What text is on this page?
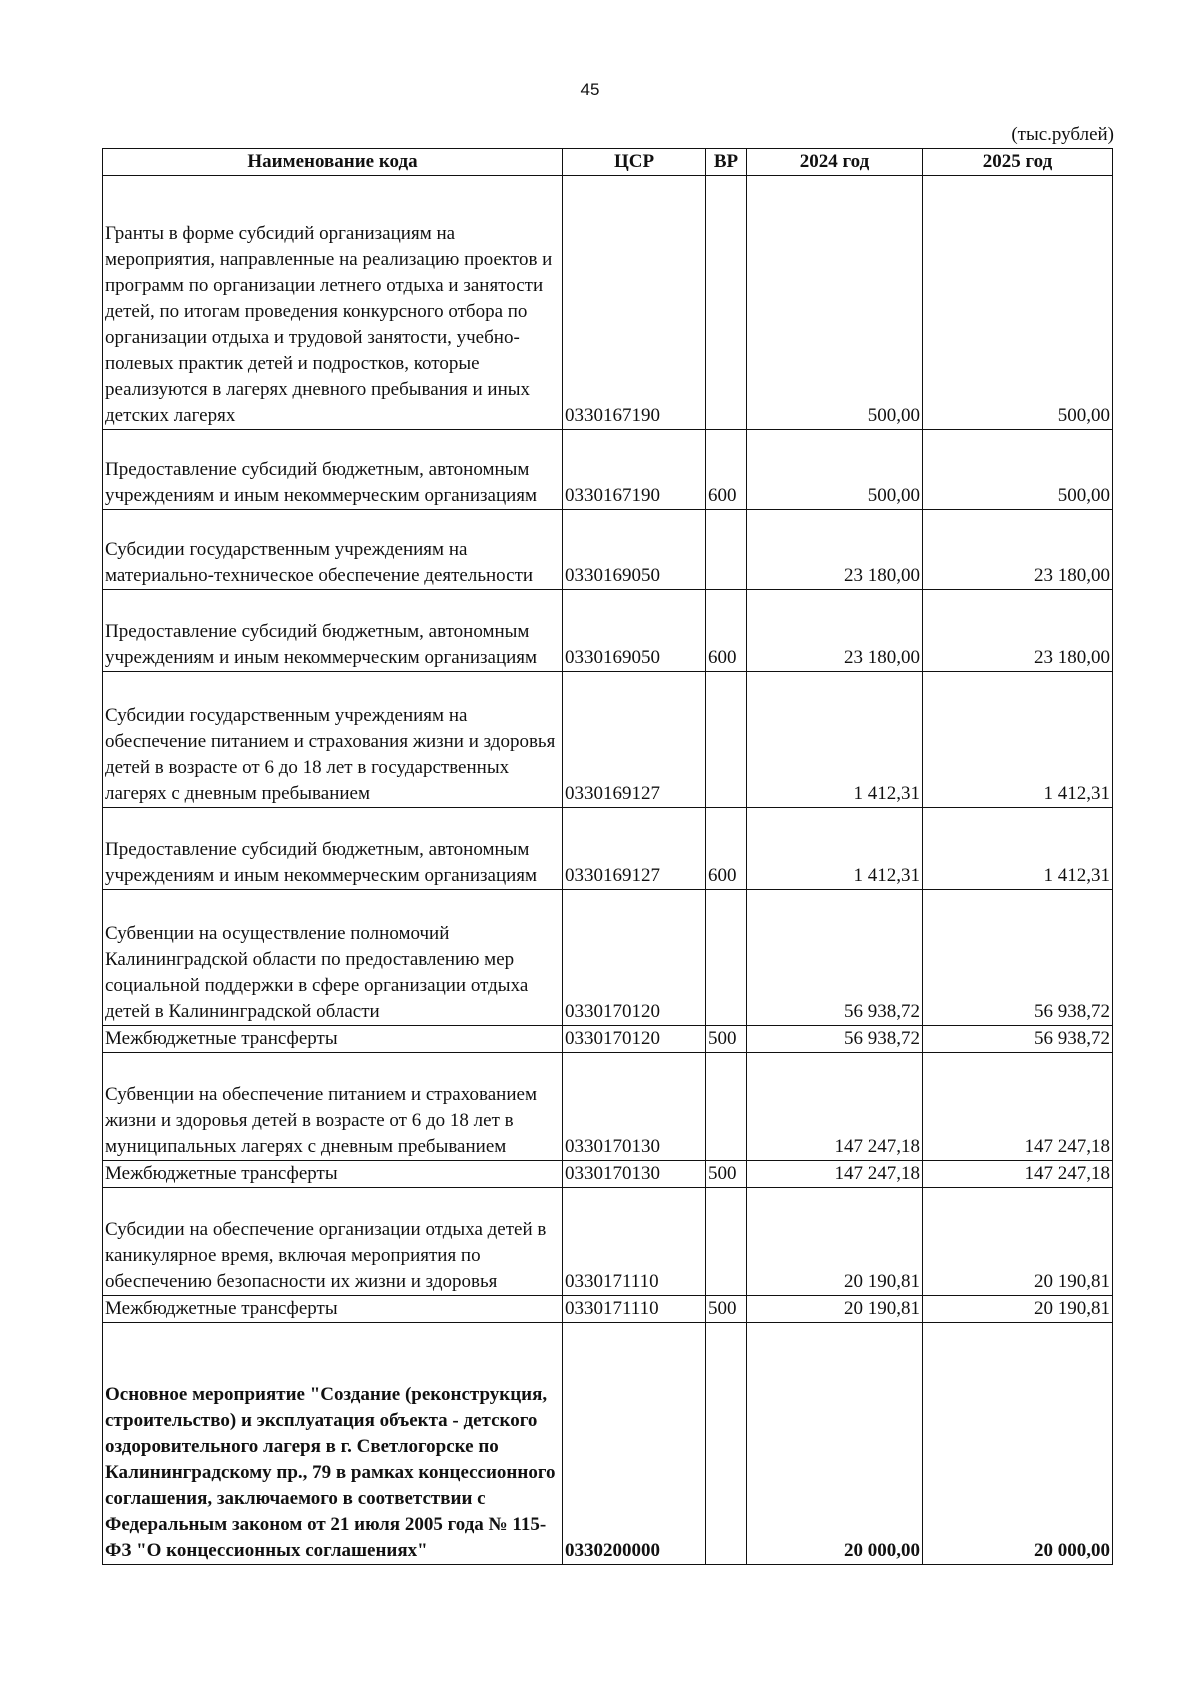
45
(тыс.рублей)
Наименование кода	ЦСР	ВР	2024 год	2025 год
Гранты в форме субсидий организациям на мероприятия, направленные на реализацию проектов и программ по организации летнего отдыха и занятости детей, по итогам проведения конкурсного отбора по организации отдыха и трудовой занятости, учебно-полевых практик детей и подростков, которые реализуются в лагерях дневного пребывания и иных детских лагерях	0330167190		500,00	500,00
Предоставление субсидий бюджетным, автономным учреждениям и иным некоммерческим организациям	0330167190	600	500,00	500,00
Субсидии государственным учреждениям на материально-техническое обеспечение деятельности	0330169050		23 180,00	23 180,00
Предоставление субсидий бюджетным, автономным учреждениям и иным некоммерческим организациям	0330169050	600	23 180,00	23 180,00
Субсидии государственным учреждениям на обеспечение питанием и страхования жизни и здоровья детей в возрасте от 6 до 18 лет в государственных лагерях с дневным пребыванием	0330169127		1 412,31	1 412,31
Предоставление субсидий бюджетным, автономным учреждениям и иным некоммерческим организациям	0330169127	600	1 412,31	1 412,31
Субвенции на осуществление полномочий Калининградской области по предоставлению мер социальной поддержки в сфере организации отдыха детей в Калининградской области	0330170120		56 938,72	56 938,72
Межбюджетные трансферты	0330170120	500	56 938,72	56 938,72
Субвенции на обеспечение питанием и страхованием жизни и здоровья детей в возрасте от 6 до 18 лет в муниципальных лагерях с дневным пребыванием	0330170130		147 247,18	147 247,18
Межбюджетные трансферты	0330170130	500	147 247,18	147 247,18
Субсидии на обеспечение организации отдыха детей в каникулярное время, включая мероприятия по обеспечению безопасности их жизни и здоровья	0330171110		20 190,81	20 190,81
Межбюджетные трансферты	0330171110	500	20 190,81	20 190,81
Основное мероприятие "Создание (реконструкция, строительство) и эксплуатация объекта - детского оздоровительного лагеря в г. Светлогорске по Калининградскому пр., 79 в рамках концессионного соглашения, заключаемого в соответствии с Федеральным законом от 21 июля 2005 года № 115-ФЗ "О концессионных соглашениях"	0330200000		20 000,00	20 000,00
